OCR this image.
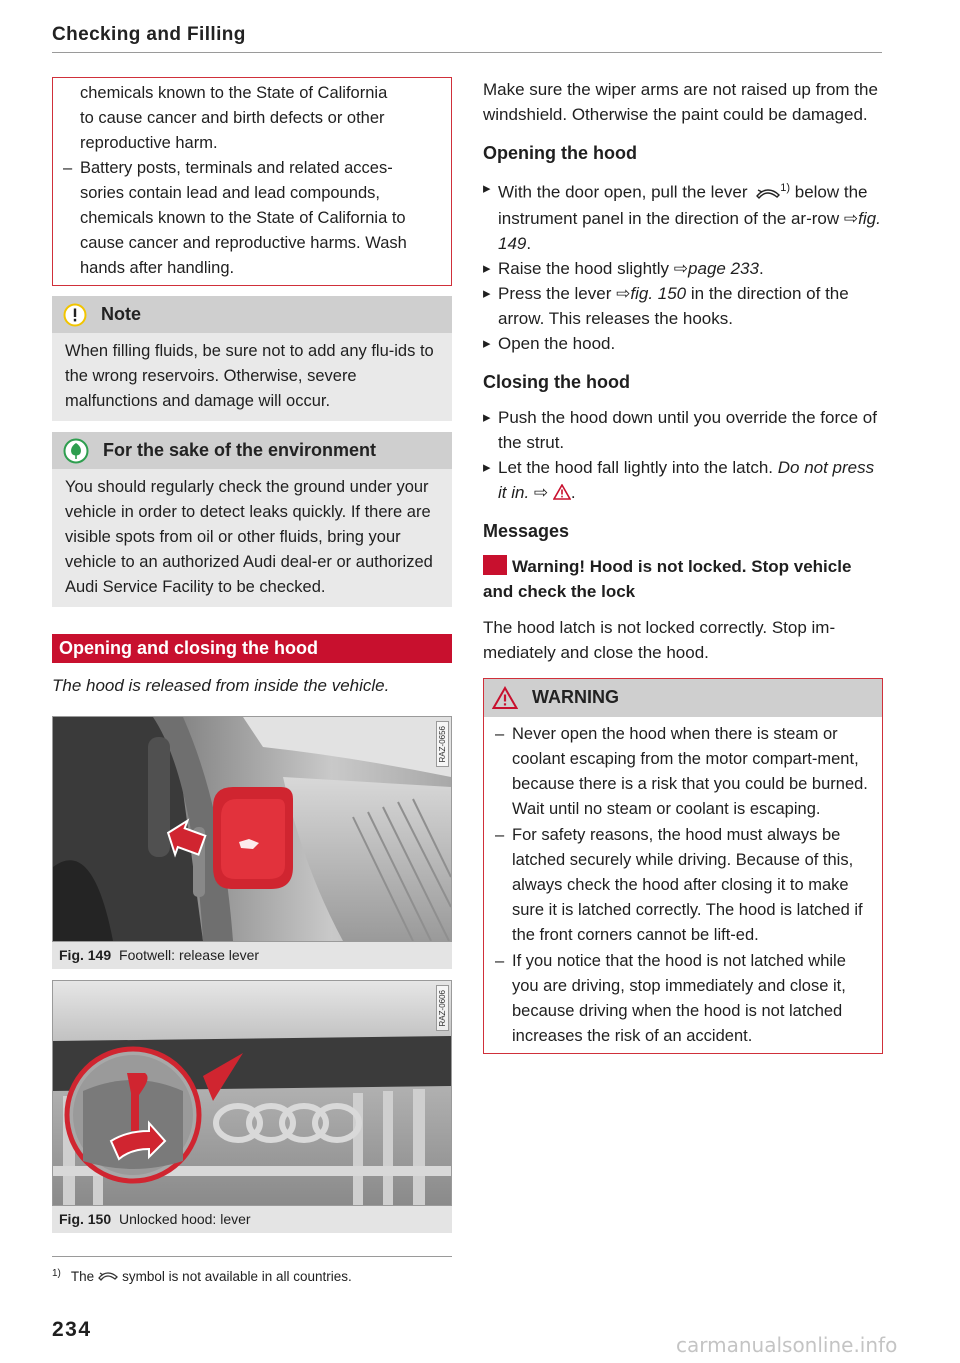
Checking and Filling
chemicals known to the State of California
to cause cancer and birth defects or other
reproductive harm.
– Battery posts, terminals and related acces-sories contain lead and lead compounds, chemicals known to the State of California to cause cancer and reproductive harms. Wash hands after handling.
Note
When filling fluids, be sure not to add any flu-ids to the wrong reservoirs. Otherwise, severe malfunctions and damage will occur.
For the sake of the environment
You should regularly check the ground under your vehicle in order to detect leaks quickly. If there are visible spots from oil or other fluids, bring your vehicle to an authorized Audi deal-er or authorized Audi Service Facility to be checked.
Opening and closing the hood
The hood is released from inside the vehicle.
RAZ-0656
Fig. 149 Footwell: release lever
RAZ-0606
Fig. 150 Unlocked hood: lever
$^{1)}$ The symbol is not available in all countries.
234
Make sure the wiper arms are not raised up from the windshield. Otherwise the paint could be damaged.
Opening the hood
▸ With the door open, pull the lever	$^{1)}$ below the instrument panel in the direction of the ar-row ⇨fig. 149.
▸ Raise the hood slightly ⇨page 233.
▸ Press the lever ⇨fig. 150 in the direction of the arrow. This releases the hooks.
▸ Open the hood.
Closing the hood
▸ Push the hood down until you override the force of the strut.
▸ Let the hood fall lightly into the latch. Do not press it in. ⇨ .
Messages
Warning! Hood is not locked. Stop vehicle and check the lock
The hood latch is not locked correctly. Stop im-mediately and close the hood.
WARNING
– Never open the hood when there is steam or coolant escaping from the motor compart-ment, because there is a risk that you could be burned. Wait until no steam or coolant is escaping.
– For safety reasons, the hood must always be latched securely while driving. Because of this, always check the hood after closing it to make sure it is latched correctly. The hood is latched if the front corners cannot be lift-ed.
– If you notice that the hood is not latched while you are driving, stop immediately and close it, because driving when the hood is not latched increases the risk of an accident.
carmanualsonline.info
